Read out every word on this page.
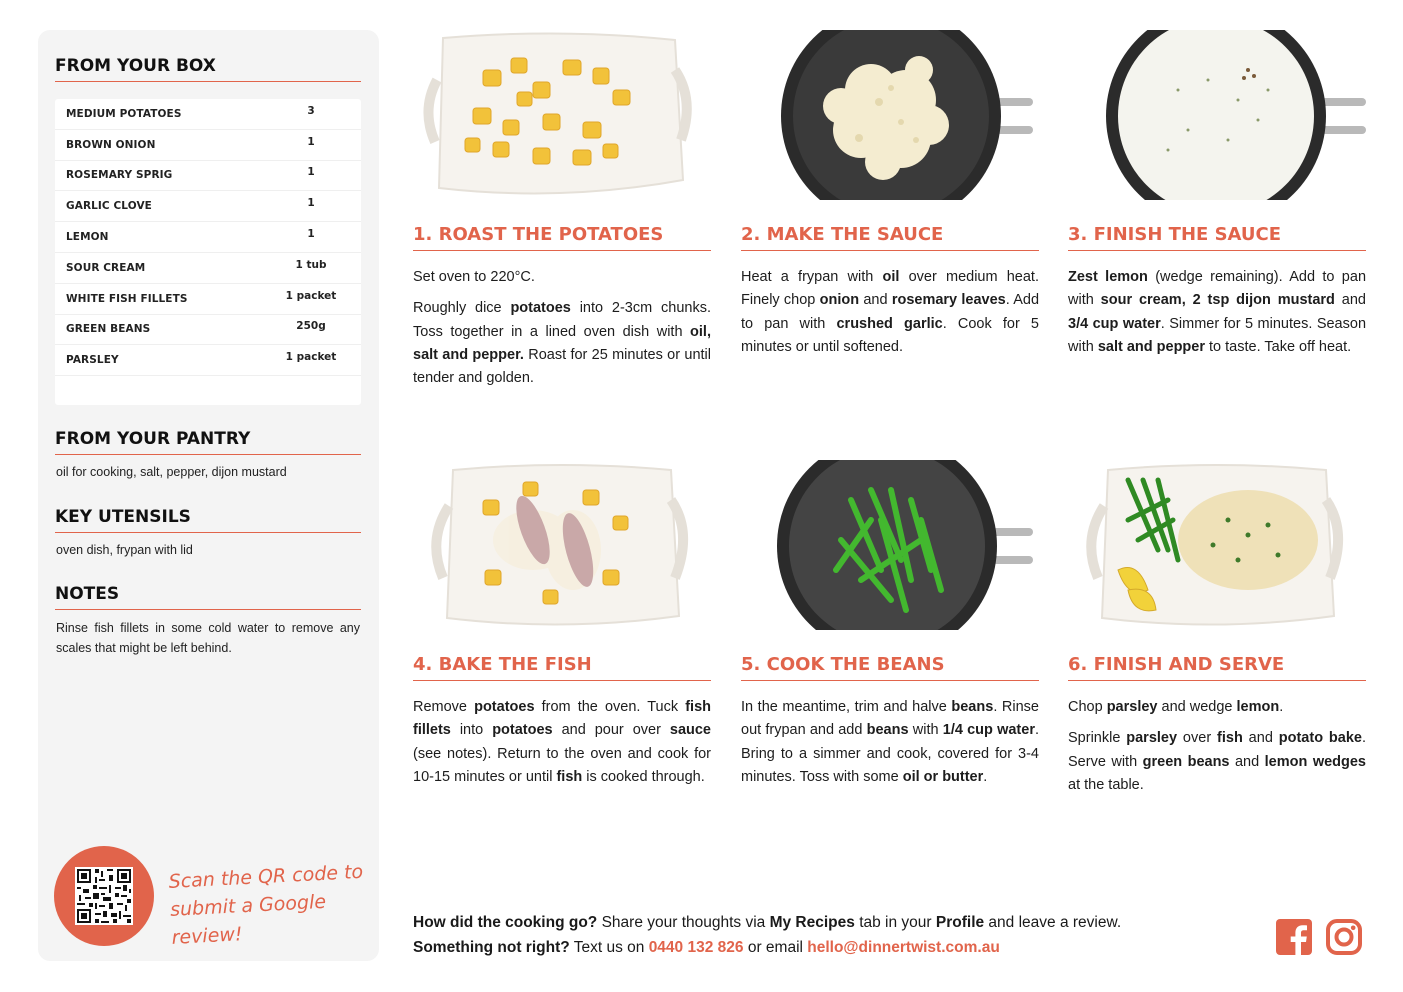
FROM YOUR BOX
MEDIUM POTATOES	3
BROWN ONION	1
ROSEMARY SPRIG	1
GARLIC CLOVE	1
LEMON	1
SOUR CREAM	1 tub
WHITE FISH FILLETS	1 packet
GREEN BEANS	250g
PARSLEY	1 packet
FROM YOUR PANTRY
oil for cooking, salt, pepper, dijon mustard
KEY UTENSILS
oven dish, frypan with lid
NOTES
Rinse fish fillets in some cold water to remove any scales that might be left behind.
Scan the QR code to
submit a Google review!
1. ROAST THE POTATOES

Set oven to 220°C.

Roughly dice potatoes into 2-3cm chunks. Toss together in a lined oven dish with oil, salt and pepper. Roast for 25 minutes or until tender and golden.

2. MAKE THE SAUCE

Heat a frypan with oil over medium heat. Finely chop onion and rosemary leaves. Add to pan with crushed garlic. Cook for 5 minutes or until softened.

3. FINISH THE SAUCE

Zest lemon (wedge remaining). Add to pan with sour cream, 2 tsp dijon mustard and 3/4 cup water. Simmer for 5 minutes. Season with salt and pepper to taste. Take off heat.

4. BAKE THE FISH

Remove potatoes from the oven. Tuck fish fillets into potatoes and pour over sauce (see notes). Return to the oven and cook for 10-15 minutes or until fish is cooked through.

5. COOK THE BEANS

In the meantime, trim and halve beans. Rinse out frypan and add beans with 1/4 cup water. Bring to a simmer and cook, covered for 3-4 minutes. Toss with some oil or butter.

6. FINISH AND SERVE

Chop parsley and wedge lemon.

Sprinkle parsley over fish and potato bake. Serve with green beans and lemon wedges at the table.

How did the cooking go? Share your thoughts via My Recipes tab in your Profile and leave a review.
Something not right? Text us on 0440 132 826 or email hello@dinnertwist.com.au
